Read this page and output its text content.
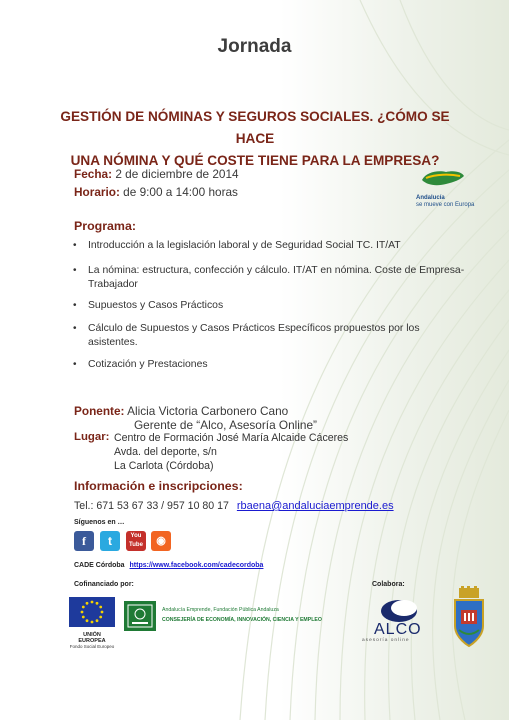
Jornada
GESTIÓN DE NÓMINAS Y SEGUROS SOCIALES. ¿CÓMO SE HACE
UNA NÓMINA Y QUÉ COSTE TIENE PARA LA EMPRESA?
Fecha: 2 de diciembre de 2014
Horario: de 9:00 a 14:00 horas	Andalucía
se mueve con Europa
Programa:
• Introducción a la legislación laboral y de Seguridad Social TC. IT/AT
• La nómina: estructura, confección y cálculo. IT/AT en nómina. Coste de Empresa-
Trabajador
• Supuestos y Casos Prácticos
• Cálculo de Supuestos y Casos Prácticos Específicos propuestos por los
asistentes.
• Cotización y Prestaciones
Ponente: Alicia Victoria Carbonero Cano
Gerente de “Alco, Asesoría Online”
Lugar: Centro de Formación José María Alcaide Cáceres
Avda. del deporte, s/n
La Carlota (Córdoba)
Información e inscripciones:
Tel.: 671 53 67 33 / 957 10 80 17 rbaena@andaluciaemprende.es
Síguenos en …
f	t	You
Tube	◉
CADE Córdoba https://www.facebook.com/cadecordoba
Cofinanciado por:	Colabora:
UNIÓN EUROPEA
Fondo Social Europeo
Andalucía Emprende, Fundación Pública Andaluza
CONSEJERÍA DE ECONOMÍA, INNOVACIÓN, CIENCIA Y EMPLEO
ALCO
asesoría online
